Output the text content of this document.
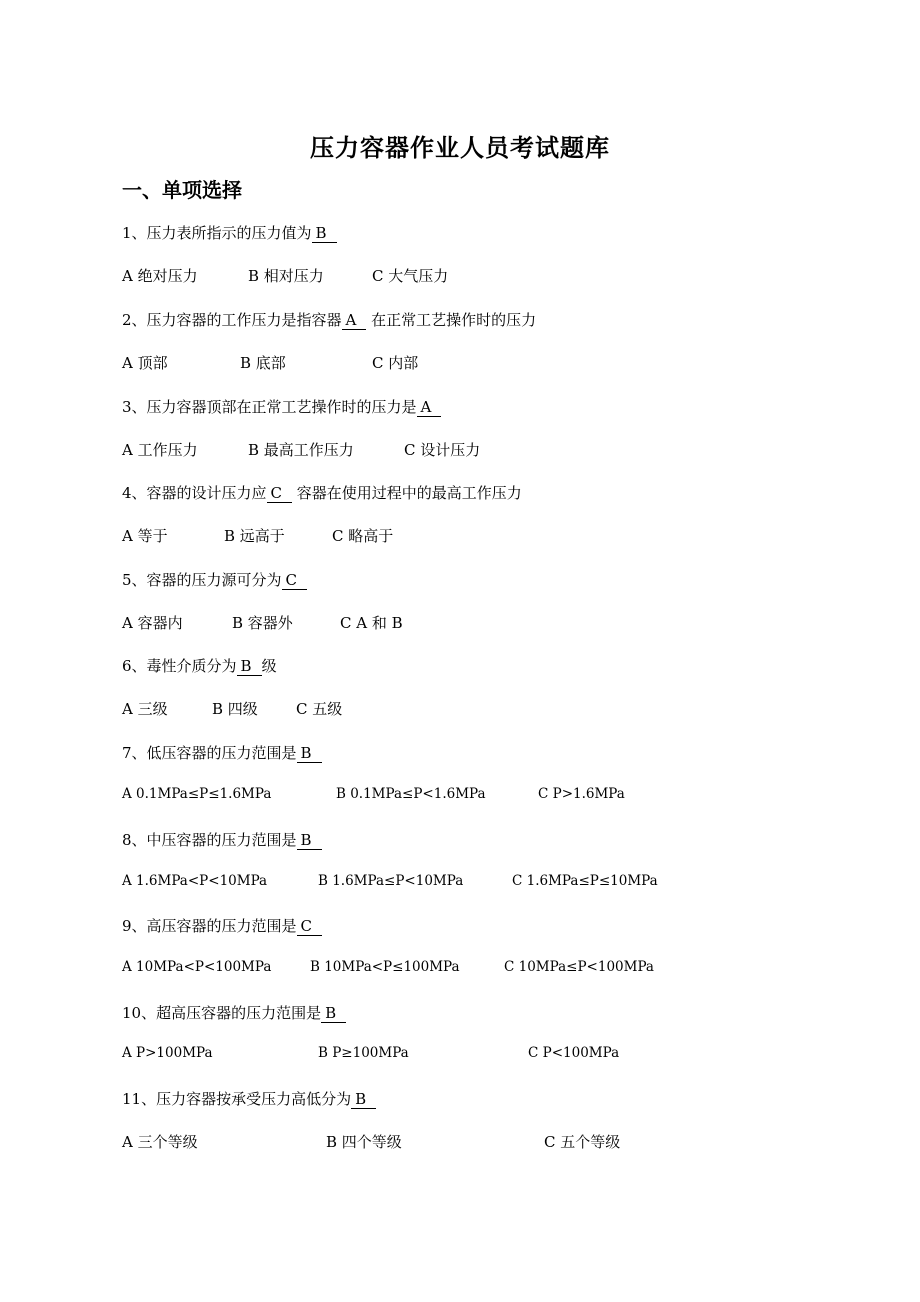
压力容器作业人员考试题库
一、单项选择
1、压力表所指示的压力值为 B
A 绝对压力	B 相对压力	C 大气压力
2、压力容器的工作压力是指容器 A 在正常工艺操作时的压力
A 顶部	B 底部	C 内部
3、压力容器顶部在正常工艺操作时的压力是 A
A 工作压力	B 最高工作压力	C 设计压力
4、容器的设计压力应 C 容器在使用过程中的最高工作压力
A 等于	B 远高于	C 略高于
5、容器的压力源可分为 C
A 容器内	B 容器外	C A 和 B
6、毒性介质分为 B 级
A 三级	B 四级	C 五级
7、低压容器的压力范围是 B
A 0.1MPa≤P≤1.6MPa	B 0.1MPa≤P<1.6MPa	C P>1.6MPa
8、中压容器的压力范围是 B
A 1.6MPa<P<10MPa	B 1.6MPa≤P<10MPa	C 1.6MPa≤P≤10MPa
9、高压容器的压力范围是 C
A 10MPa<P<100MPa	B 10MPa<P≤100MPa	C 10MPa≤P<100MPa
10、超高压容器的压力范围是 B
A P>100MPa	B P≥100MPa	C P<100MPa
11、压力容器按承受压力高低分为 B
A 三个等级	B 四个等级	C 五个等级
